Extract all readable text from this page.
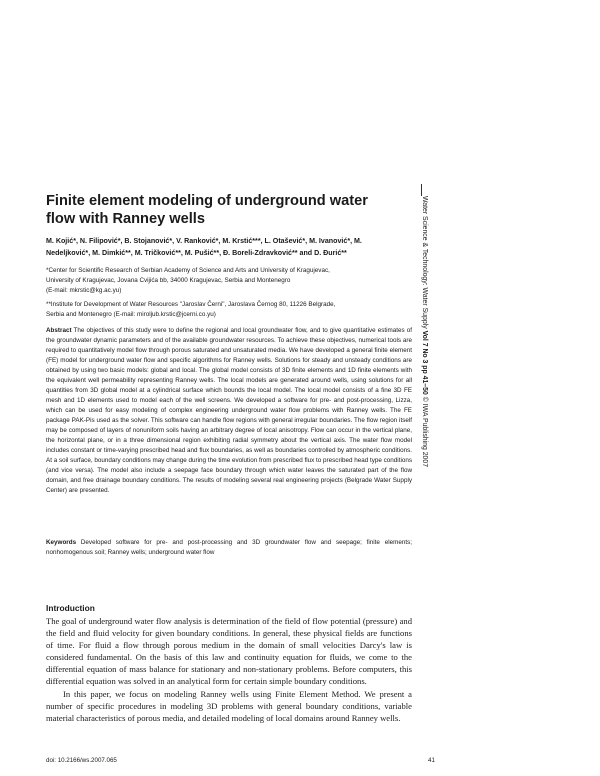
Finite element modeling of underground water flow with Ranney wells
M. Kojić*, N. Filipović*, B. Stojanović*, V. Ranković*, M. Krstić***, L. Otašević*, M. Ivanović*, M. Nedeljković*, M. Dimkić**, M. Tričković**, M. Pušić**, Đ. Boreli-Zdravković** and D. Đurić**
*Center for Scientific Research of Serbian Academy of Science and Arts and University of Kragujevac,
University of Kragujevac, Jovana Cvijića bb, 34000 Kragujevac, Serbia and Montenegro
(E-mail: mkrstic@kg.ac.yu)
**Institute for Development of Water Resources "Jaroslav Černi", Jaroslava Černog 80, 11226 Belgrade,
Serbia and Montenegro (E-mail: mirolјub.krstic@jcerni.co.yu)
Abstract The objectives of this study were to define the regional and local groundwater flow, and to give quantitative estimates of the groundwater dynamic parameters and of the available groundwater resources. To achieve these objectives, numerical tools are required to quantitatively model flow through porous saturated and unsaturated media. We have developed a general finite element (FE) model for underground water flow and specific algorithms for Ranney wells. Solutions for steady and unsteady conditions are obtained by using two basic models: global and local. The global model consists of 3D finite elements and 1D finite elements with the equivalent well permeability representing Ranney wells. The local models are generated around wells, using solutions for all quantities from 3D global model at a cylindrical surface which bounds the local model. The local model consists of a fine 3D FE mesh and 1D elements used to model each of the well screens. We developed a software for pre- and post-processing, Lizza, which can be used for easy modeling of complex engineering underground water flow problems with Ranney wells. The FE package PAK-Pis used as the solver. This software can handle flow regions with general irregular boundaries. The flow region itself may be composed of layers of nonuniform soils having an arbitrary degree of local anisotropy. Flow can occur in the vertical plane, the horizontal plane, or in a three dimensional region exhibiting radial symmetry about the vertical axis. The water flow model includes constant or time-varying prescribed head and flux boundaries, as well as boundaries controlled by atmospheric conditions. At a soil surface, boundary conditions may change during the time evolution from prescribed flux to prescribed head type conditions (and vice versa). The model also include a seepage face boundary through which water leaves the saturated part of the flow domain, and free drainage boundary conditions. The results of modeling several real engineering projects (Belgrade Water Supply Center) are presented.
Keywords Developed software for pre- and post-processing and 3D groundwater flow and seepage; finite elements; nonhomogenous soil; Ranney wells; underground water flow
Introduction

The goal of underground water flow analysis is determination of the field of flow potential (pressure) and the field and fluid velocity for given boundary conditions. In general, these physical fields are functions of time. For fluid a flow through porous medium in the domain of small velocities Darcy's law is considered fundamental. On the basis of this law and continuity equation for fluids, we come to the differential equation of mass balance for stationary and non-stationary problems. Before computers, this differential equation was solved in an analytical form for certain simple boundary conditions.

In this paper, we focus on modeling Ranney wells using Finite Element Method. We present a number of specific procedures in modeling 3D problems with general boundary conditions, variable material characteristics of porous media, and detailed modeling of local domains around Ranney wells.

doi: 10.2166/ws.2007.065	41
Water Science & Technology: Water Supply Vol 7 No 3 pp 41–50 © IWA Publishing 2007
